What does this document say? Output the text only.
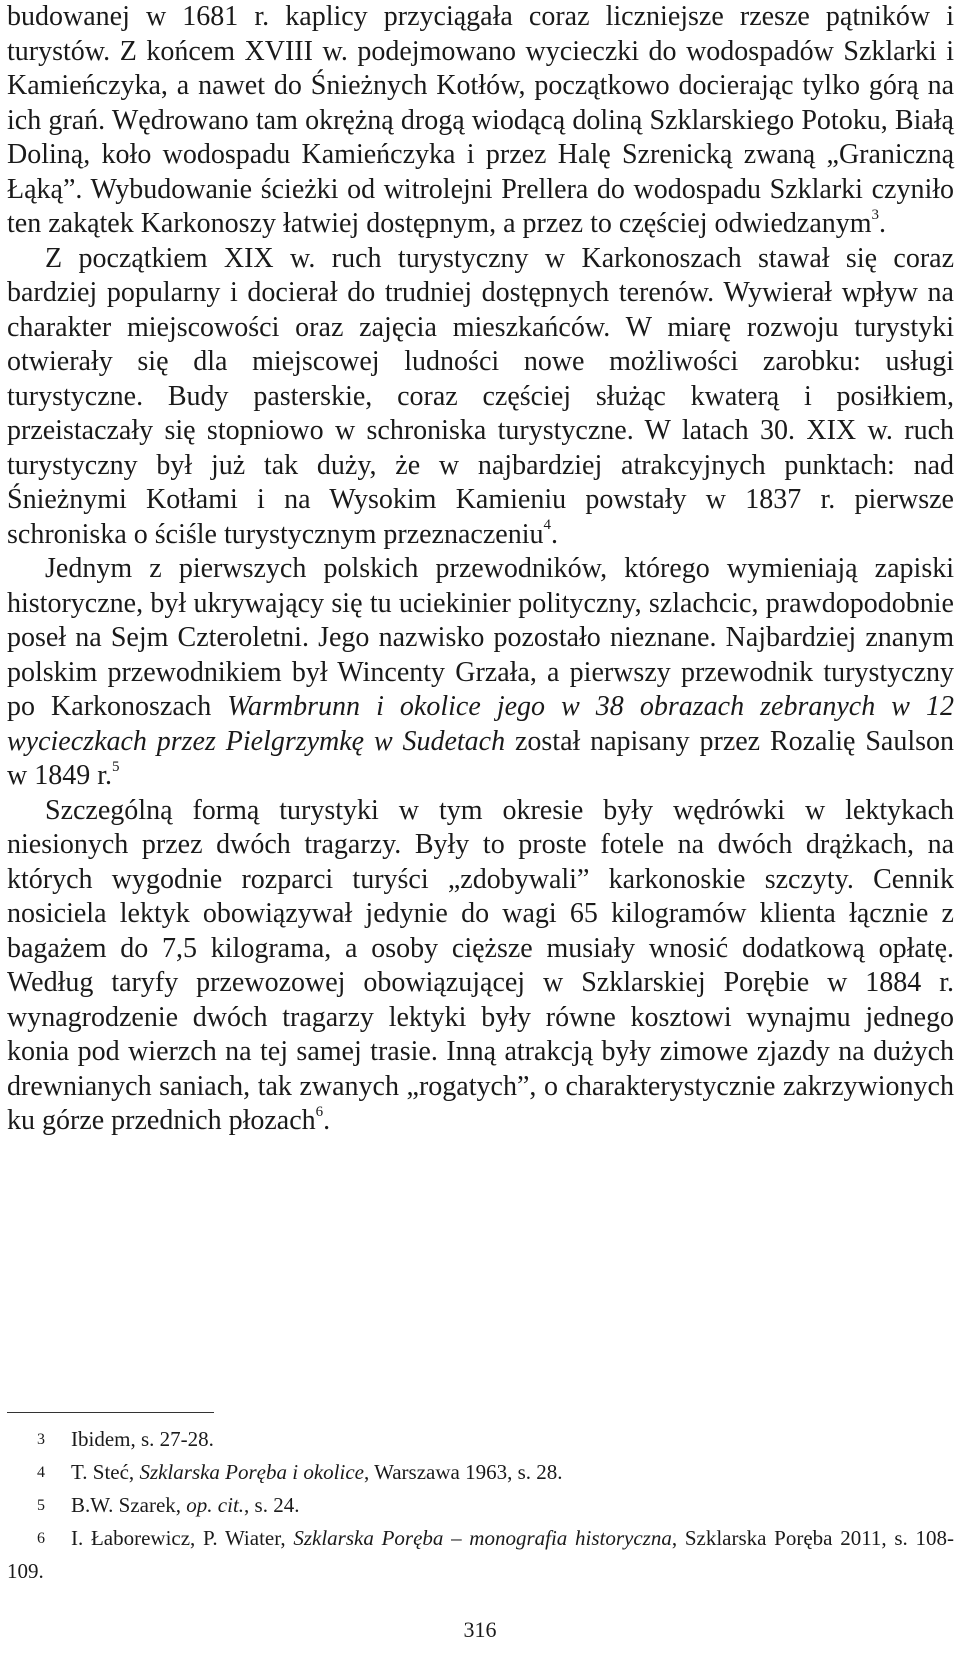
budowanej w 1681 r. kaplicy przyciągała coraz liczniejsze rzesze pątników i turystów. Z końcem XVIII w. podejmowano wycieczki do wodospadów Szklarki i Kamieńczyka, a nawet do Śnieżnych Kotłów, początkowo docierając tylko górą na ich grań. Wędrowano tam okrężną drogą wiodącą doliną Szklarskiego Potoku, Białą Doliną, koło wodospadu Kamieńczyka i przez Halę Szrenicką zwaną „Graniczną Łąką”. Wybudowanie ścieżki od witrolejni Prellera do wodospadu Szklarki czyniło ten zakątek Karkonoszy łatwiej dostępnym, a przez to częściej odwiedzanym$^3$.

Z początkiem XIX w. ruch turystyczny w Karkonoszach stawał się coraz bardziej popularny i docierał do trudniej dostępnych terenów. Wywierał wpływ na charakter miejscowości oraz zajęcia mieszkańców. W miarę rozwoju turystyki otwierały się dla miejscowej ludności nowe możliwości zarobku: usługi turystyczne. Budy pasterskie, coraz częściej służąc kwaterą i posiłkiem, przeistaczały się stopniowo w schroniska turystyczne. W latach 30. XIX w. ruch turystyczny był już tak duży, że w najbardziej atrakcyjnych punktach: nad Śnieżnymi Kotłami i na Wysokim Kamieniu powstały w 1837 r. pierwsze schroniska o ściśle turystycznym przeznaczeniu$^4$.

Jednym z pierwszych polskich przewodników, którego wymieniają zapiski historyczne, był ukrywający się tu uciekinier polityczny, szlachcic, prawdopodobnie poseł na Sejm Czteroletni. Jego nazwisko pozostało nieznane. Najbardziej znanym polskim przewodnikiem był Wincenty Grzała, a pierwszy przewodnik turystyczny po Karkonoszach Warmbrunn i okolice jego w 38 obrazach zebranych w 12 wycieczkach przez Pielgrzymkę w Sudetach został napisany przez Rozalię Saulson w 1849 r.$^5$

Szczególną formą turystyki w tym okresie były wędrówki w lektykach niesionych przez dwóch tragarzy. Były to proste fotele na dwóch drążkach, na których wygodnie rozparci turyści „zdobywali” karkonoskie szczyty. Cennik nosiciela lektyk obowiązywał jedynie do wagi 65 kilogramów klienta łącznie z bagażem do 7,5 kilograma, a osoby cięższe musiały wnosić dodatkową opłatę. Według taryfy przewozowej obowiązującej w Szklarskiej Porębie w 1884 r. wynagrodzenie dwóch tragarzy lektyki były równe kosztowi wynajmu jednego konia pod wierzch na tej samej trasie. Inną atrakcją były zimowe zjazdy na dużych drewnianych saniach, tak zwanych „rogatych”, o charakterystycznie zakrzywionych ku górze przednich płozach$^6$.

3 Ibidem, s. 27-28.

4 T. Steć, Szklarska Poręba i okolice, Warszawa 1963, s. 28.

5 B.W. Szarek, op. cit., s. 24.

6 I. Łaborewicz, P. Wiater, Szklarska Poręba – monografia historyczna, Szklarska Poręba 2011, s. 108-109.

316
